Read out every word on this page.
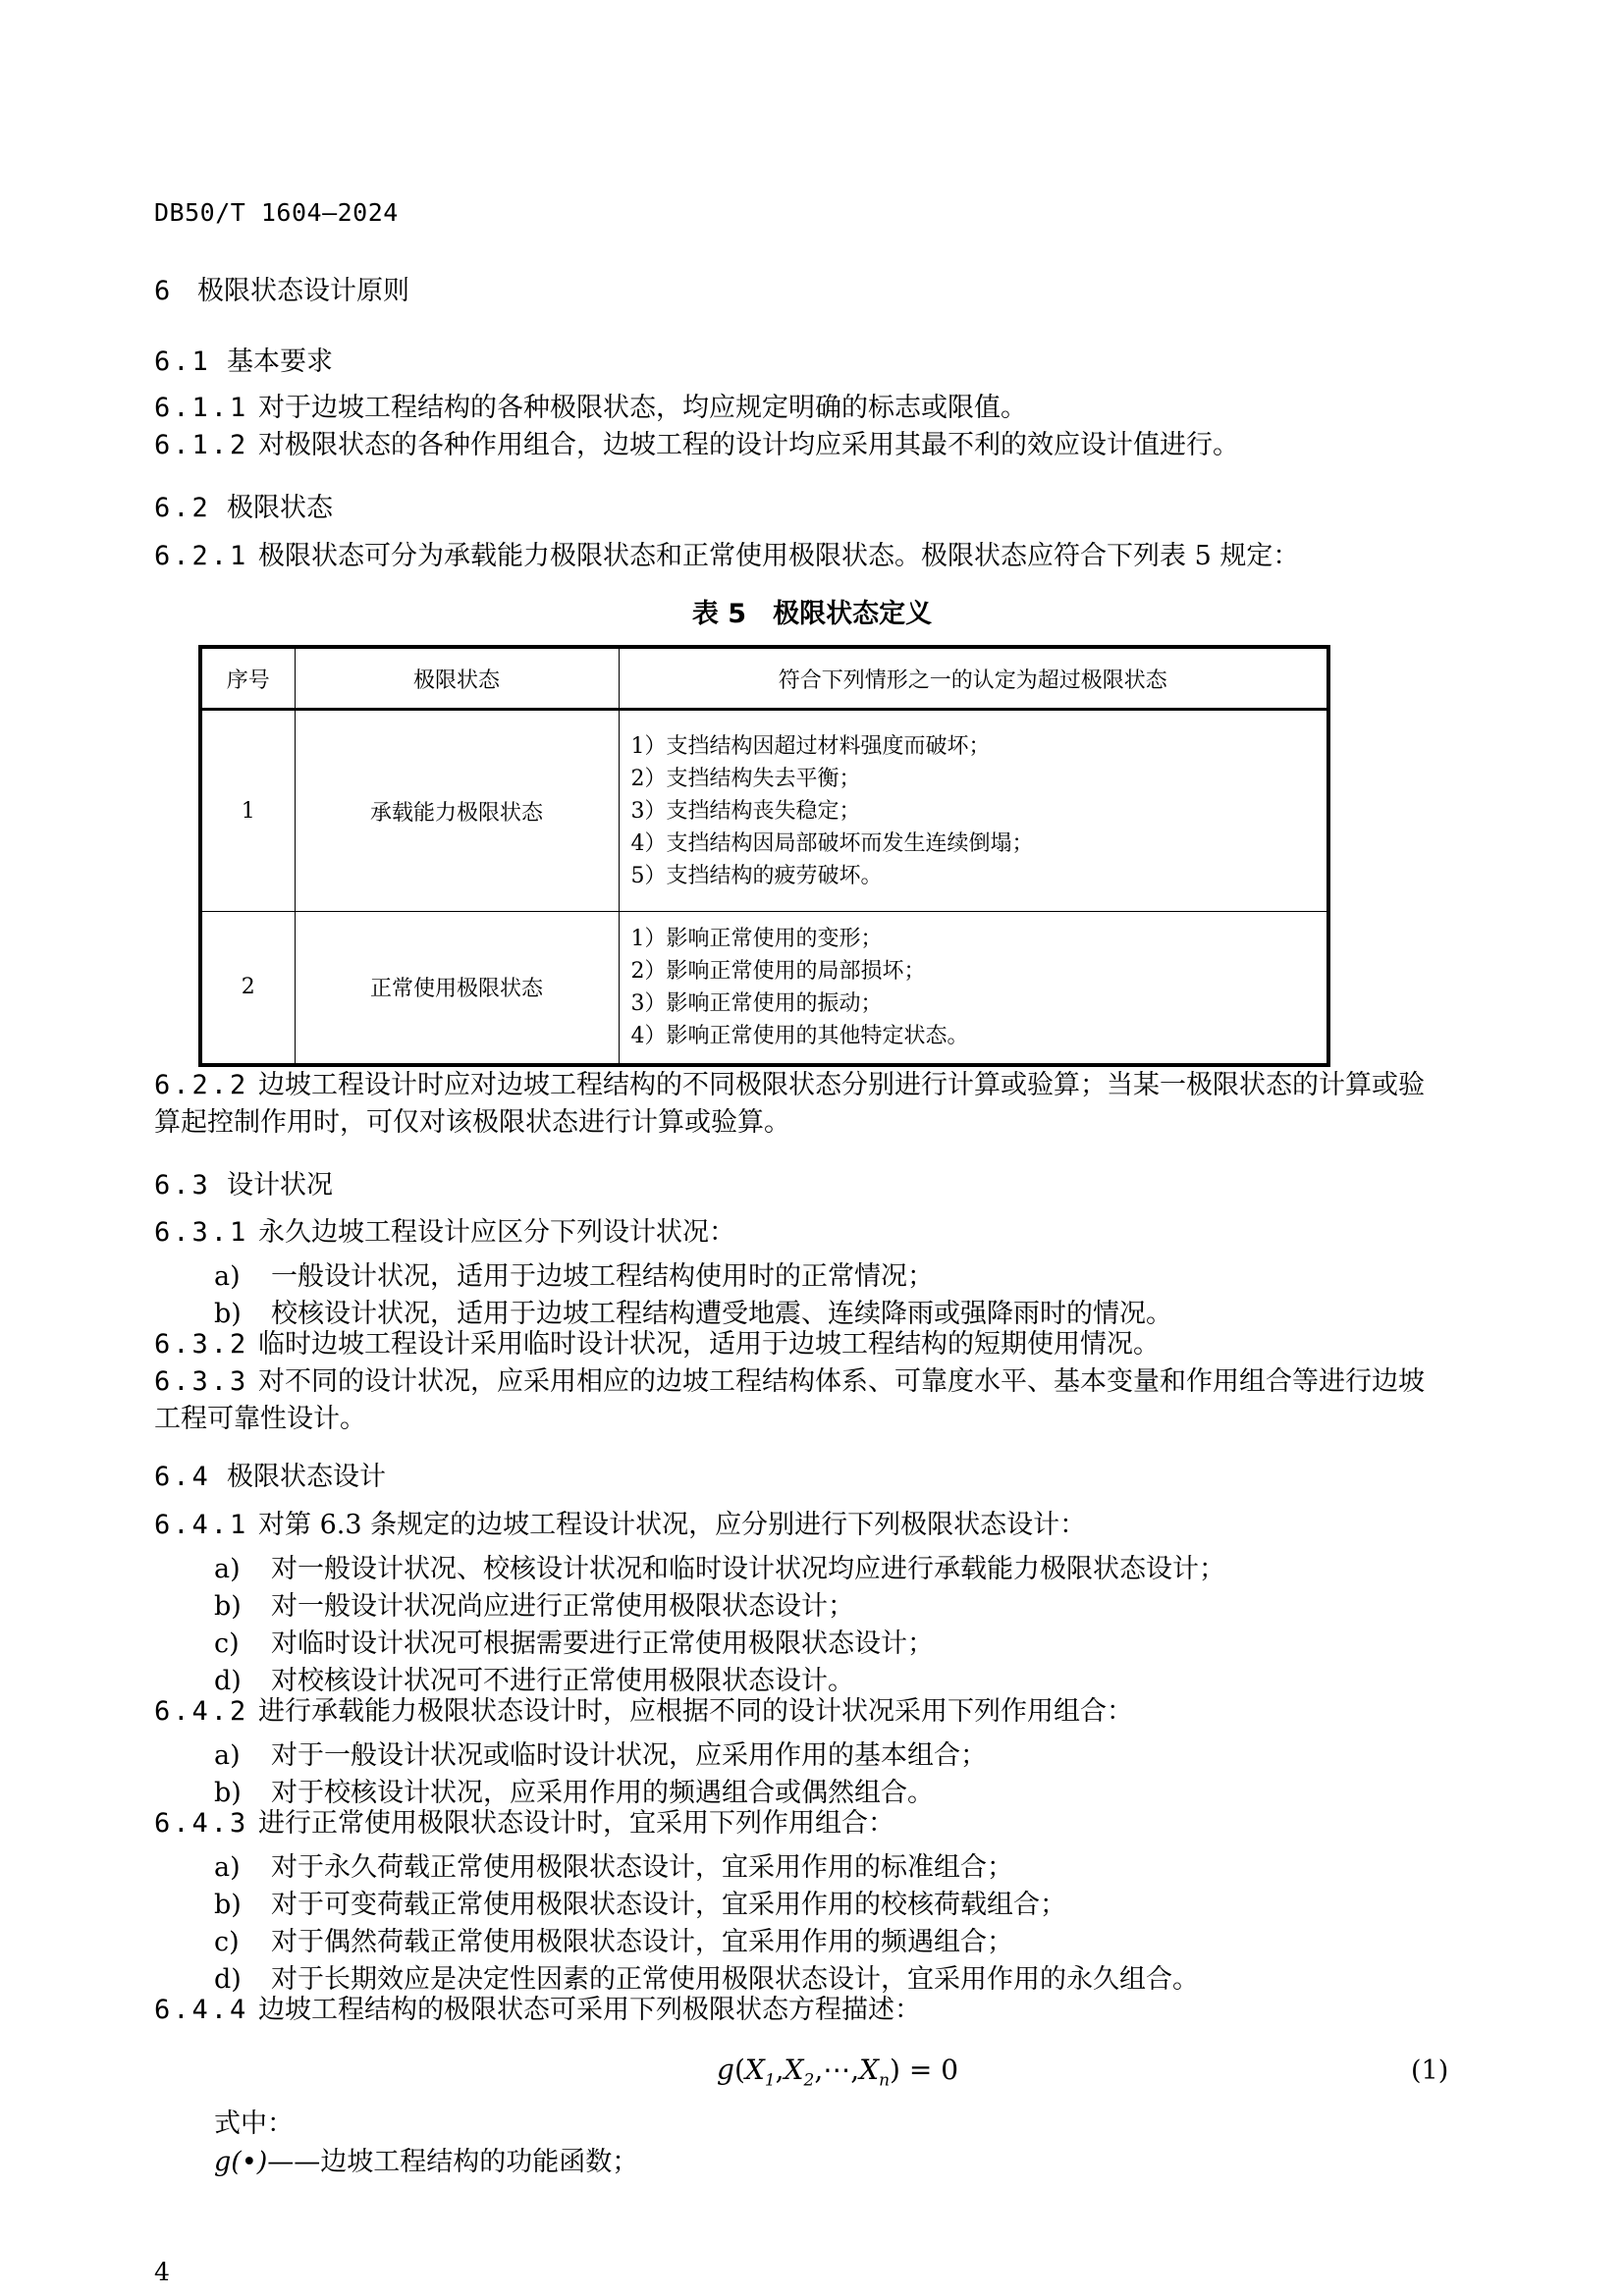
DB50/T 1604—2024
6 极限状态设计原则
6.1 基本要求
6.1.1 对于边坡工程结构的各种极限状态，均应规定明确的标志或限值。
6.1.2 对极限状态的各种作用组合，边坡工程的设计均应采用其最不利的效应设计值进行。
6.2 极限状态
6.2.1 极限状态可分为承载能力极限状态和正常使用极限状态。极限状态应符合下列表 5 规定：
表 5　极限状态定义
序号	极限状态	符合下列情形之一的认定为超过极限状态
1	承载能力极限状态	1）支挡结构因超过材料强度而破坏；
2）支挡结构失去平衡；
3）支挡结构丧失稳定；
4）支挡结构因局部破坏而发生连续倒塌；
5）支挡结构的疲劳破坏。

2	正常使用极限状态	1）影响正常使用的变形；
2）影响正常使用的局部损坏；
3）影响正常使用的振动；
4）影响正常使用的其他特定状态。
6.2.2 边坡工程设计时应对边坡工程结构的不同极限状态分别进行计算或验算；当某一极限状态的计算或验算起控制作用时，可仅对该极限状态进行计算或验算。
6.3 设计状况
6.3.1 永久边坡工程设计应区分下列设计状况：
a) 一般设计状况，适用于边坡工程结构使用时的正常情况；
b) 校核设计状况，适用于边坡工程结构遭受地震、连续降雨或强降雨时的情况。
6.3.2 临时边坡工程设计采用临时设计状况，适用于边坡工程结构的短期使用情况。
6.3.3 对不同的设计状况，应采用相应的边坡工程结构体系、可靠度水平、基本变量和作用组合等进行边坡工程可靠性设计。
6.4 极限状态设计
6.4.1 对第 6.3 条规定的边坡工程设计状况，应分别进行下列极限状态设计：
a) 对一般设计状况、校核设计状况和临时设计状况均应进行承载能力极限状态设计；
b) 对一般设计状况尚应进行正常使用极限状态设计；
c) 对临时设计状况可根据需要进行正常使用极限状态设计；
d) 对校核设计状况可不进行正常使用极限状态设计。
6.4.2 进行承载能力极限状态设计时，应根据不同的设计状况采用下列作用组合：
a) 对于一般设计状况或临时设计状况，应采用作用的基本组合；
b) 对于校核设计状况，应采用作用的频遇组合或偶然组合。
6.4.3 进行正常使用极限状态设计时，宜采用下列作用组合：
a) 对于永久荷载正常使用极限状态设计，宜采用作用的标准组合；
b) 对于可变荷载正常使用极限状态设计，宜采用作用的校核荷载组合；
c) 对于偶然荷载正常使用极限状态设计，宜采用作用的频遇组合；
d) 对于长期效应是决定性因素的正常使用极限状态设计，宜采用作用的永久组合。
6.4.4 边坡工程结构的极限状态可采用下列极限状态方程描述：
$g(X_1,X_2,\cdots,X_n) = 0$	(1)
式中：
g(•)——边坡工程结构的功能函数；
4
